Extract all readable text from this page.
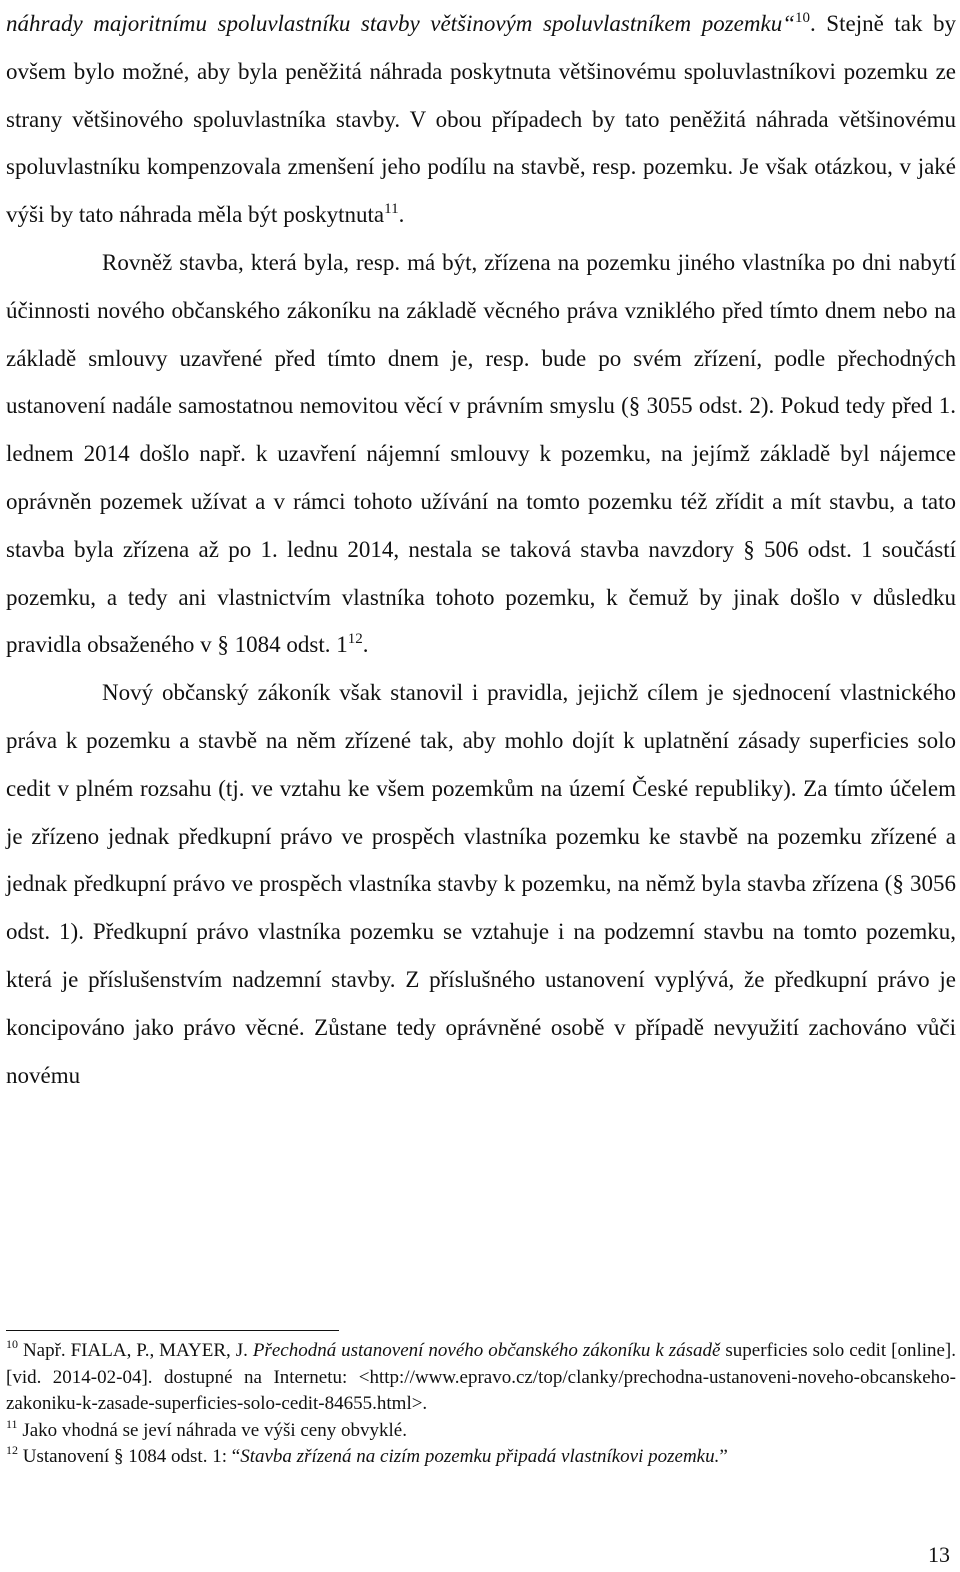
náhrady majoritnímu spoluvlastníku stavby většinovým spoluvlastníkem pozemku“$^{10}$. Stejně tak by ovšem bylo možné, aby byla peněžitá náhrada poskytnuta většinovému spoluvlastníkovi pozemku ze strany většinového spoluvlastníka stavby. V obou případech by tato peněžitá náhrada většinovému spoluvlastníku kompenzovala zmenšení jeho podílu na stavbě, resp. pozemku. Je však otázkou, v jaké výši by tato náhrada měla být poskytnuta$^{11}$.

Rovněž stavba, která byla, resp. má být, zřízena na pozemku jiného vlastníka po dni nabytí účinnosti nového občanského zákoníku na základě věcného práva vzniklého před tímto dnem nebo na základě smlouvy uzavřené před tímto dnem je, resp. bude po svém zřízení, podle přechodných ustanovení nadále samostatnou nemovitou věcí v právním smyslu (§ 3055 odst. 2). Pokud tedy před 1. lednem 2014 došlo např. k uzavření nájemní smlouvy k pozemku, na jejímž základě byl nájemce oprávněn pozemek užívat a v rámci tohoto užívání na tomto pozemku též zřídit a mít stavbu, a tato stavba byla zřízena až po 1. lednu 2014, nestala se taková stavba navzdory § 506 odst. 1 součástí pozemku, a tedy ani vlastnictvím vlastníka tohoto pozemku, k čemuž by jinak došlo v důsledku pravidla obsaženého v § 1084 odst. $1^{12}$.

Nový občanský zákoník však stanovil i pravidla, jejichž cílem je sjednocení vlastnického práva k pozemku a stavbě na něm zřízené tak, aby mohlo dojít k uplatnění zásady superficies solo cedit v plném rozsahu (tj. ve vztahu ke všem pozemkům na území České republiky). Za tímto účelem je zřízeno jednak předkupní právo ve prospěch vlastníka pozemku ke stavbě na pozemku zřízené a jednak předkupní právo ve prospěch vlastníka stavby k pozemku, na němž byla stavba zřízena (§ 3056 odst. 1). Předkupní právo vlastníka pozemku se vztahuje i na podzemní stavbu na tomto pozemku, která je příslušenstvím nadzemní stavby. Z příslušného ustanovení vyplývá, že předkupní právo je koncipováno jako právo věcné. Zůstane tedy oprávněné osobě v případě nevyužití zachováno vůči novému

$^{10}$ Např. FIALA, P., MAYER, J. Přechodná ustanovení nového občanského zákoníku k zásadě superficies solo cedit [online]. [vid. 2014-02-04]. dostupné na Internetu: <http://www.epravo.cz/top/clanky/prechodna-ustanoveni-noveho-obcanskeho-zakoniku-k-zasade-superficies-solo-cedit-84655.html>.

$^{11}$ Jako vhodná se jeví náhrada ve výši ceny obvyklé.

$^{12}$ Ustanovení § 1084 odst. 1: “Stavba zřízená na cizím pozemku připadá vlastníkovi pozemku.”

13
